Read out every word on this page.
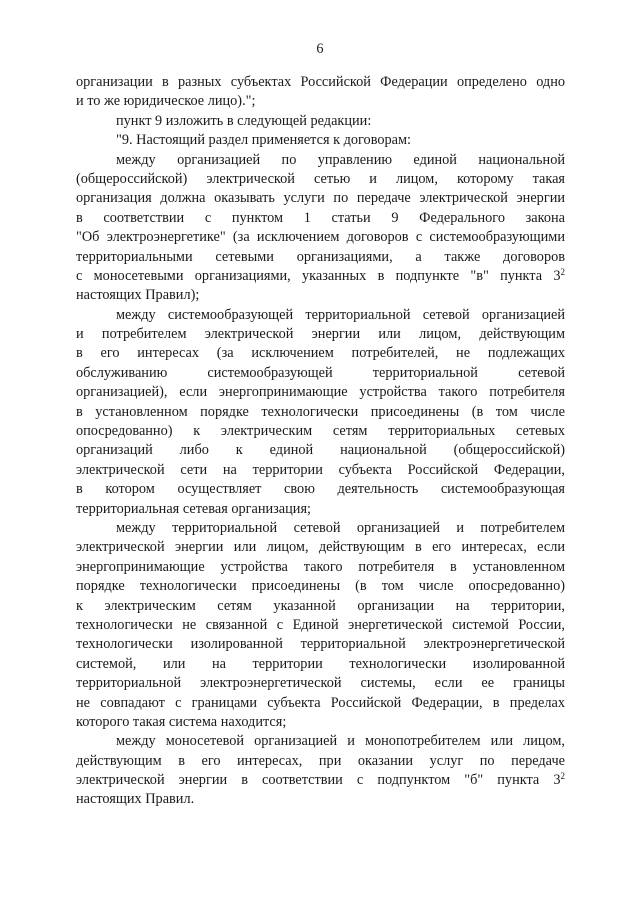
6
организации в разных субъектах Российской Федерации определено одно
и то же юридическое лицо).";
пункт 9 изложить в следующей редакции:
"9. Настоящий раздел применяется к договорам:
между организацией по управлению единой национальной
(общероссийской) электрической сетью и лицом, которому такая
организация должна оказывать услуги по передаче электрической энергии
в соответствии с пунктом 1 статьи 9 Федерального закона
"Об электроэнергетике" (за исключением договоров с системообразующими
территориальными сетевыми организациями, а также договоров
с моносетевыми организациями, указанных в подпункте "в" пункта $3^2$
настоящих Правил);
между системообразующей территориальной сетевой организацией
и потребителем электрической энергии или лицом, действующим
в его интересах (за исключением потребителей, не подлежащих
обслуживанию системообразующей территориальной сетевой
организацией), если энергопринимающие устройства такого потребителя
в установленном порядке технологически присоединены (в том числе
опосредованно) к электрическим сетям территориальных сетевых
организаций либо к единой национальной (общероссийской)
электрической сети на территории субъекта Российской Федерации,
в котором осуществляет свою деятельность системообразующая
территориальная сетевая организация;
между территориальной сетевой организацией и потребителем
электрической энергии или лицом, действующим в его интересах, если
энергопринимающие устройства такого потребителя в установленном
порядке технологически присоединены (в том числе опосредованно)
к электрическим сетям указанной организации на территории,
технологически не связанной с Единой энергетической системой России,
технологически изолированной территориальной электроэнергетической
системой, или на территории технологически изолированной
территориальной электроэнергетической системы, если ее границы
не совпадают с границами субъекта Российской Федерации, в пределах
которого такая система находится;
между моносетевой организацией и монопотребителем или лицом,
действующим в его интересах, при оказании услуг по передаче
электрической энергии в соответствии с подпунктом "б" пункта $3^2$
настоящих Правил.
